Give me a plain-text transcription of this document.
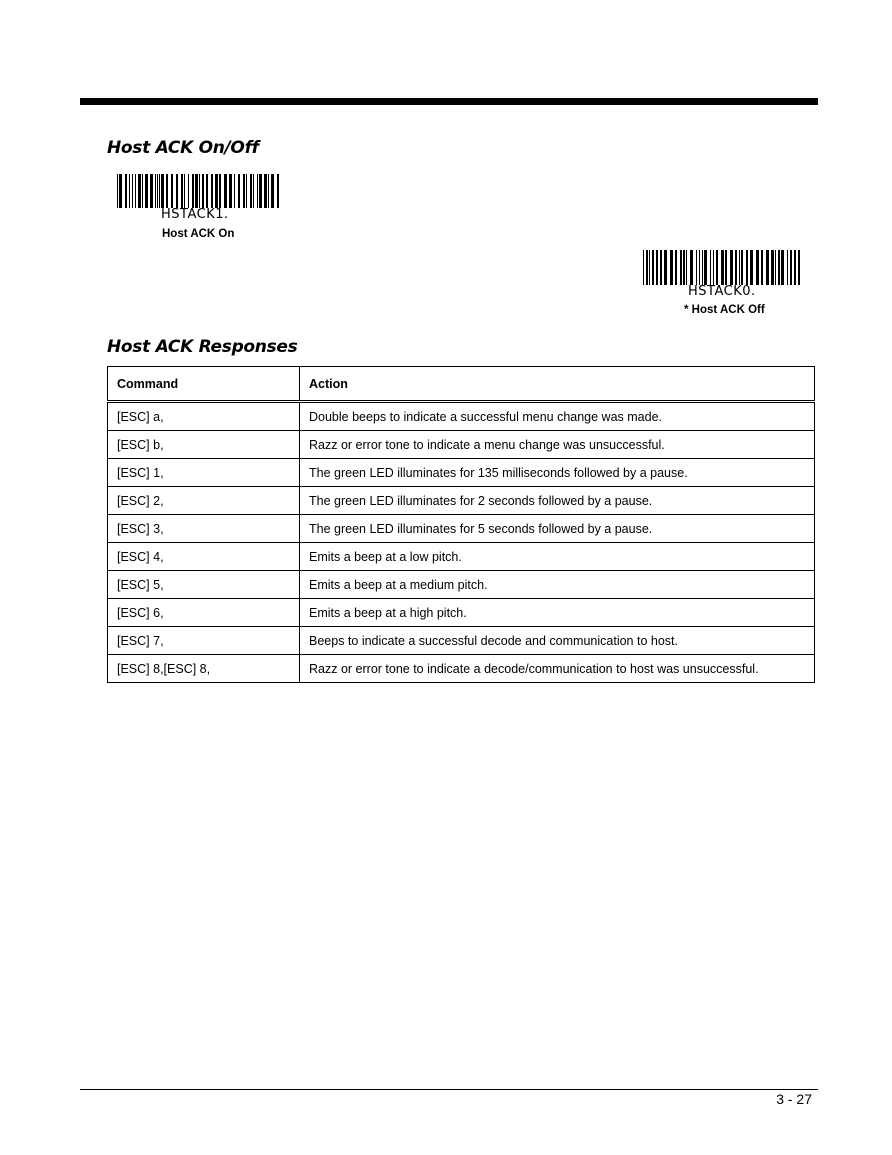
Host ACK On/Off
HSTACK1.
Host ACK On
HSTACK0.
* Host ACK Off
Host ACK Responses
Command	Action
[ESC] a,	Double beeps to indicate a successful menu change was made.
[ESC] b,	Razz or error tone to indicate a menu change was unsuccessful.
[ESC] 1,	The green LED illuminates for 135 milliseconds followed by a pause.
[ESC] 2,	The green LED illuminates for 2 seconds followed by a pause.
[ESC] 3,	The green LED illuminates for 5 seconds followed by a pause.
[ESC] 4,	Emits a beep at a low pitch.
[ESC] 5,	Emits a beep at a medium pitch.
[ESC] 6,	Emits a beep at a high pitch.
[ESC] 7,	Beeps to indicate a successful decode and communication to host.
[ESC] 8,[ESC] 8,	Razz or error tone to indicate a decode/communication to host was unsuccessful.
3 - 27
